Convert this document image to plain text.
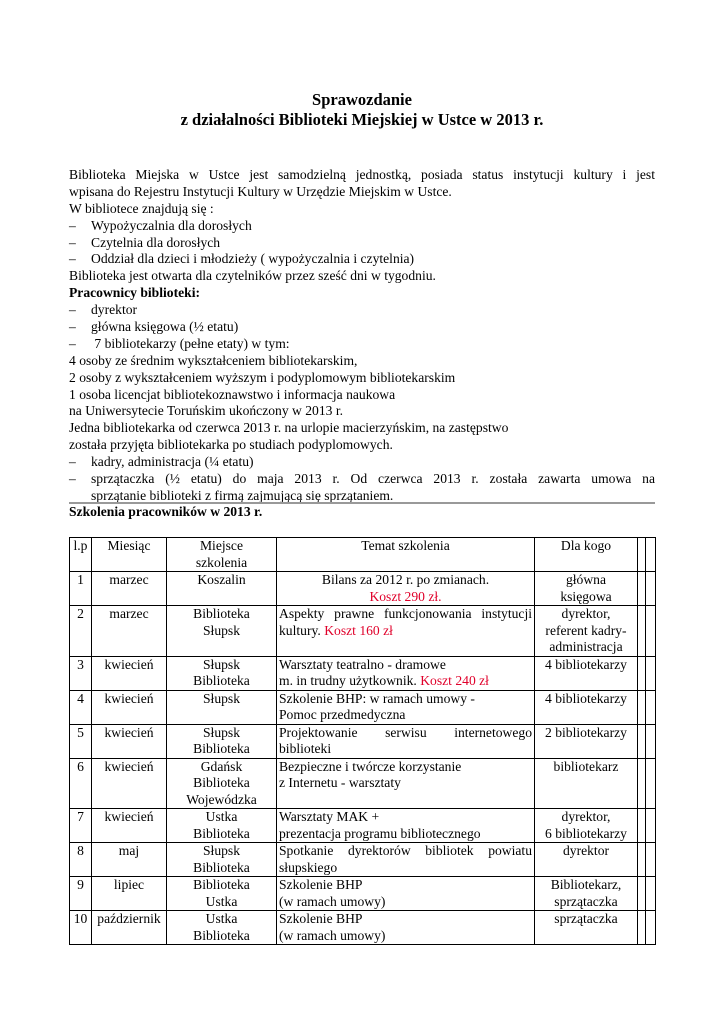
Sprawozdanie
z działalności Biblioteki Miejskiej w Ustce w 2013 r.
Biblioteka Miejska w Ustce jest samodzielną jednostką, posiada status instytucji kultury i jest
wpisana do Rejestru Instytucji Kultury w Urzędzie Miejskim w Ustce.
W bibliotece znajdują się :
– Wypożyczalnia dla dorosłych
– Czytelnia dla dorosłych
– Oddział dla dzieci i młodzieży ( wypożyczalnia i czytelnia)
Biblioteka jest otwarta dla czytelników przez sześć dni w tygodniu.
Pracownicy biblioteki:
– dyrektor
– główna księgowa (½ etatu)
– 7 bibliotekarzy (pełne etaty) w tym:
4 osoby ze średnim wykształceniem bibliotekarskim,
2 osoby z wykształceniem wyższym i podyplomowym bibliotekarskim
1 osoba licencjat bibliotekoznawstwo i informacja naukowa
na Uniwersytecie Toruńskim ukończony w 2013 r.
Jedna bibliotekarka od czerwca 2013 r. na urlopie macierzyńskim, na zastępstwo
została przyjęta bibliotekarka po studiach podyplomowych.
– kadry, administracja (¼ etatu)
–	sprzątaczka (½ etatu) do maja 2013 r. Od czerwca 2013 r. została zawarta umowa na
sprzątanie biblioteki z firmą zajmującą się sprzątaniem.
Szkolenia pracowników w 2013 r.
l.p	Miesiąc	Miejsce
szkolenia	Temat szkolenia	Dla kogo		

1	marzec	Koszalin	Bilans za 2012 r. po zmianach.
Koszt 290 zł.	główna
księgowa		

2	marzec	Biblioteka
Słupsk	Aspekty prawne funkcjonowania instytucji
kultury. Koszt 160 zł	dyrektor,
referent kadry-
administracja		

3	kwiecień	Słupsk
Biblioteka	Warsztaty teatralno - dramowe
m. in trudny użytkownik. Koszt 240 zł	4 bibliotekarzy		

4	kwiecień	Słupsk	Szkolenie BHP: w ramach umowy -
Pomoc przedmedyczna	4 bibliotekarzy		

5	kwiecień	Słupsk
Biblioteka	Projektowanie serwisu internetowego
biblioteki	2 bibliotekarzy		

6	kwiecień	Gdańsk
Biblioteka
Wojewódzka	Bezpieczne i twórcze korzystanie
z Internetu - warsztaty	bibliotekarz		

7	kwiecień	Ustka
Biblioteka	Warsztaty MAK +
prezentacja programu bibliotecznego	dyrektor,
6 bibliotekarzy		

8	maj	Słupsk
Biblioteka	Spotkanie dyrektorów bibliotek powiatu
słupskiego	dyrektor		

9	lipiec	Biblioteka
Ustka	Szkolenie BHP
(w ramach umowy)	Bibliotekarz,
sprzątaczka		

10	październik	Ustka
Biblioteka	Szkolenie BHP
(w ramach umowy)	sprzątaczka		
